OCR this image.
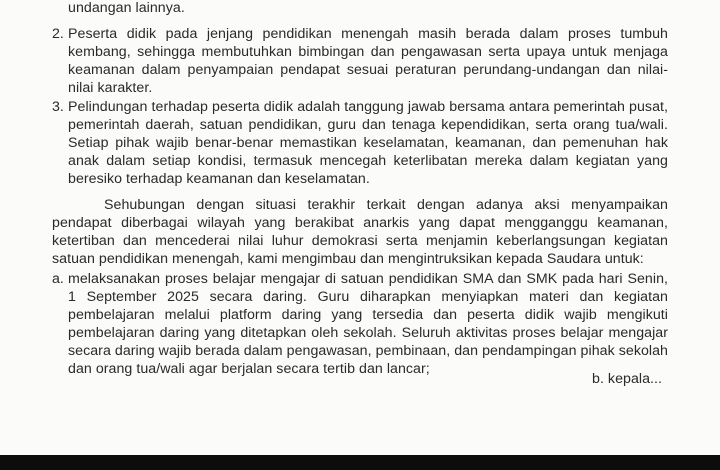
undangan lainnya.
2. Peserta didik pada jenjang pendidikan menengah masih berada dalam proses tumbuh
kembang, sehingga membutuhkan bimbingan dan pengawasan serta upaya untuk menjaga
keamanan dalam penyampaian pendapat sesuai peraturan perundang-undangan dan nilai-
nilai karakter.
3. Pelindungan terhadap peserta didik adalah tanggung jawab bersama antara pemerintah pusat,
pemerintah daerah, satuan pendidikan, guru dan tenaga kependidikan, serta orang tua/wali.
Setiap pihak wajib benar-benar memastikan keselamatan, keamanan, dan pemenuhan hak
anak dalam setiap kondisi, termasuk mencegah keterlibatan mereka dalam kegiatan yang
beresiko terhadap keamanan dan keselamatan.
Sehubungan dengan situasi terakhir terkait dengan adanya aksi menyampaikan
pendapat diberbagai wilayah yang berakibat anarkis yang dapat mengganggu keamanan,
ketertiban dan mencederai nilai luhur demokrasi serta menjamin keberlangsungan kegiatan
satuan pendidikan menengah, kami mengimbau dan mengintruksikan kepada Saudara untuk:
a. melaksanakan proses belajar mengajar di satuan pendidikan SMA dan SMK pada hari Senin,
1 September 2025 secara daring. Guru diharapkan menyiapkan materi dan kegiatan
pembelajaran melalui platform daring yang tersedia dan peserta didik wajib mengikuti
pembelajaran daring yang ditetapkan oleh sekolah. Seluruh aktivitas proses belajar mengajar
secara daring wajib berada dalam pengawasan, pembinaan, dan pendampingan pihak sekolah
dan orang tua/wali agar berjalan secara tertib dan lancar;
b. kepala...
